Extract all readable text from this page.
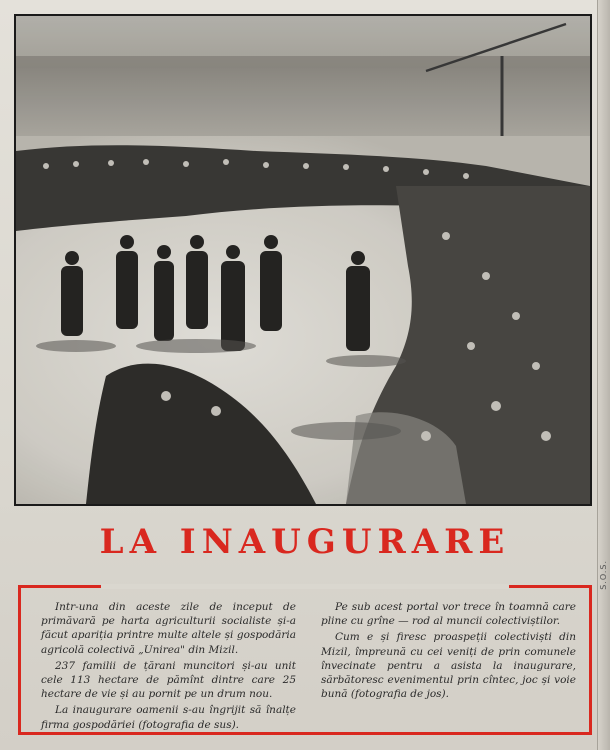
LA INAUGURARE

Intr-una din aceste zile de inceput de primăvară pe harta agriculturii socialiste și-a făcut apariția printre multe altele și gospodăria agricolă colectivă „Unirea" din Mizil.

237 familii de țărani muncitori și-au unit cele 113 hectare de pămînt dintre care 25 hectare de vie și au pornit pe un drum nou.

La inaugurare oamenii s-au îngrijit să înalțe firma gospodăriei (fotografia de sus).

Pe sub acest portal vor trece în toamnă care pline cu grîne — rod al muncii colectiviștilor.

Cum e și firesc proaspeții colectiviști din Mizil, împreună cu cei veniți de prin comunele învecinate pentru a asista la inaugurare, sărbătoresc evenimentul prin cîntec, joc și voie bună (fotografia de jos).

S.O.S.
